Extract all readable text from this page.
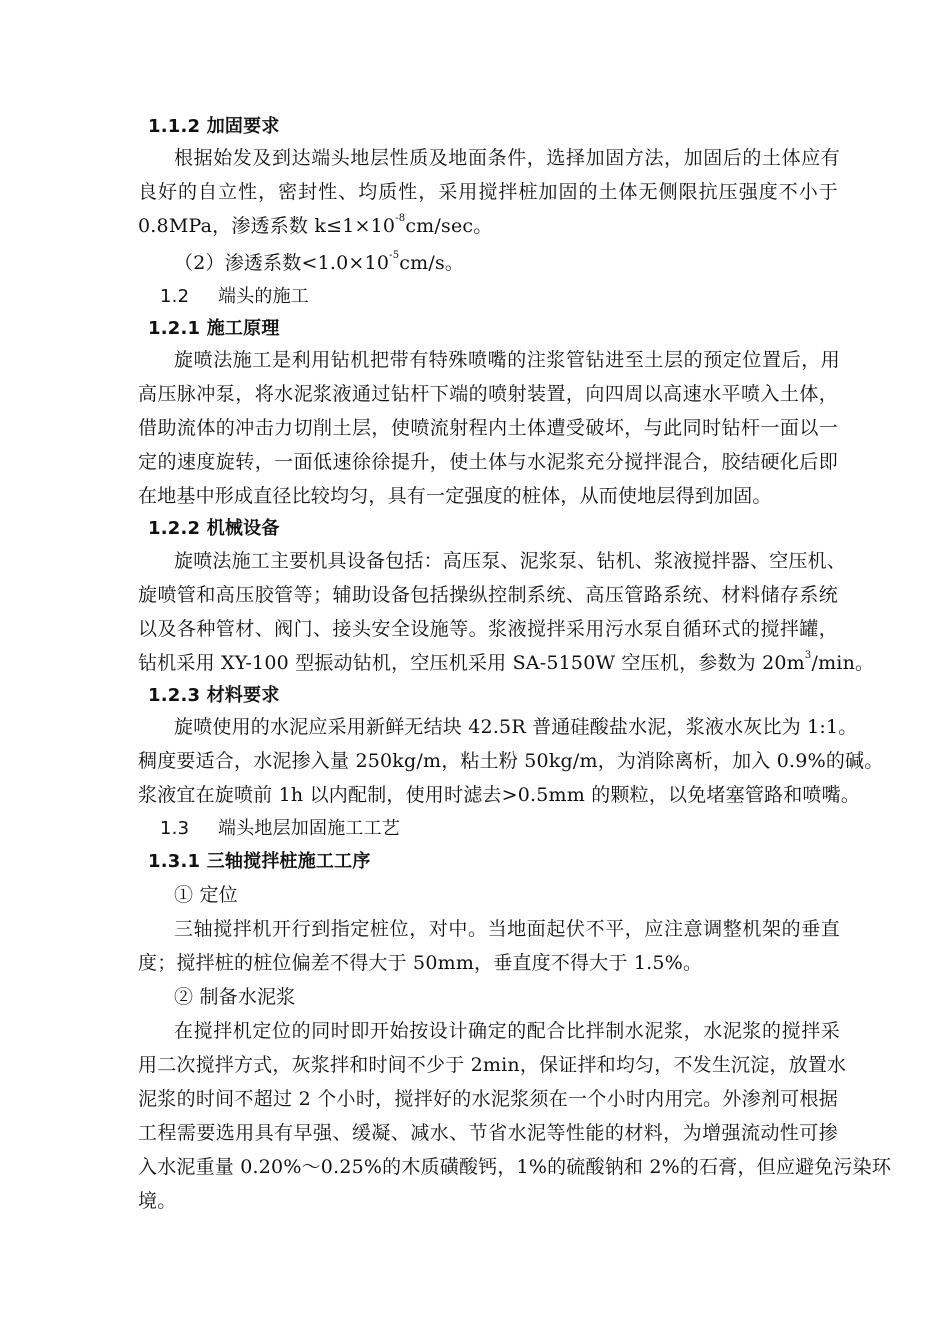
1.1.2 加固要求
根据始发及到达端头地层性质及地面条件，选择加固方法，加固后的土体应有
良好的自立性，密封性、均质性，采用搅拌桩加固的土体无侧限抗压强度不小于
0.8MPa，渗透系数 $k\le 1\times 10^{-8}cm/\sec$。
（2）渗透系数$<1.0\times 10^{-5}cm/s$。
1.2 端头的施工
1.2.1 施工原理
旋喷法施工是利用钻机把带有特殊喷嘴的注浆管钻进至土层的预定位置后，用
高压脉冲泵，将水泥浆液通过钻杆下端的喷射装置，向四周以高速水平喷入土体，
借助流体的冲击力切削土层，使喷流射程内土体遭受破坏，与此同时钻杆一面以一
定的速度旋转，一面低速徐徐提升，使土体与水泥浆充分搅拌混合，胶结硬化后即
在地基中形成直径比较均匀，具有一定强度的桩体，从而使地层得到加固。
1.2.2 机械设备
旋喷法施工主要机具设备包括：高压泵、泥浆泵、钻机、浆液搅拌器、空压机、
旋喷管和高压胶管等；辅助设备包括操纵控制系统、高压管路系统、材料储存系统
以及各种管材、阀门、接头安全设施等。浆液搅拌采用污水泵自循环式的搅拌罐，
钻机采用 XY-100 型振动钻机，空压机采用 SA-5150W 空压机，参数为 $20m^3/\min$。
1.2.3 材料要求
旋喷使用的水泥应采用新鲜无结块 42.5R 普通硅酸盐水泥，浆液水灰比为 1:1。
稠度要适合，水泥掺入量 250kg/m，粘土粉 50kg/m，为消除离析，加入 0.9%的碱。
浆液宜在旋喷前 1h 以内配制，使用时滤去>0.5mm 的颗粒，以免堵塞管路和喷嘴。
1.3 端头地层加固施工工艺
1.3.1 三轴搅拌桩施工工序
① 定位
三轴搅拌机开行到指定桩位，对中。当地面起伏不平，应注意调整机架的垂直
度；搅拌桩的桩位偏差不得大于 50mm，垂直度不得大于 1.5%。
② 制备水泥浆
在搅拌机定位的同时即开始按设计确定的配合比拌制水泥浆，水泥浆的搅拌采
用二次搅拌方式，灰浆拌和时间不少于 2min，保证拌和均匀，不发生沉淀，放置水
泥浆的时间不超过 2 个小时，搅拌好的水泥浆须在一个小时内用完。外渗剂可根据
工程需要选用具有早强、缓凝、减水、节省水泥等性能的材料，为增强流动性可掺
入水泥重量 0.20%～0.25%的木质磺酸钙，1%的硫酸钠和 2%的石膏，但应避免污染环
境。
